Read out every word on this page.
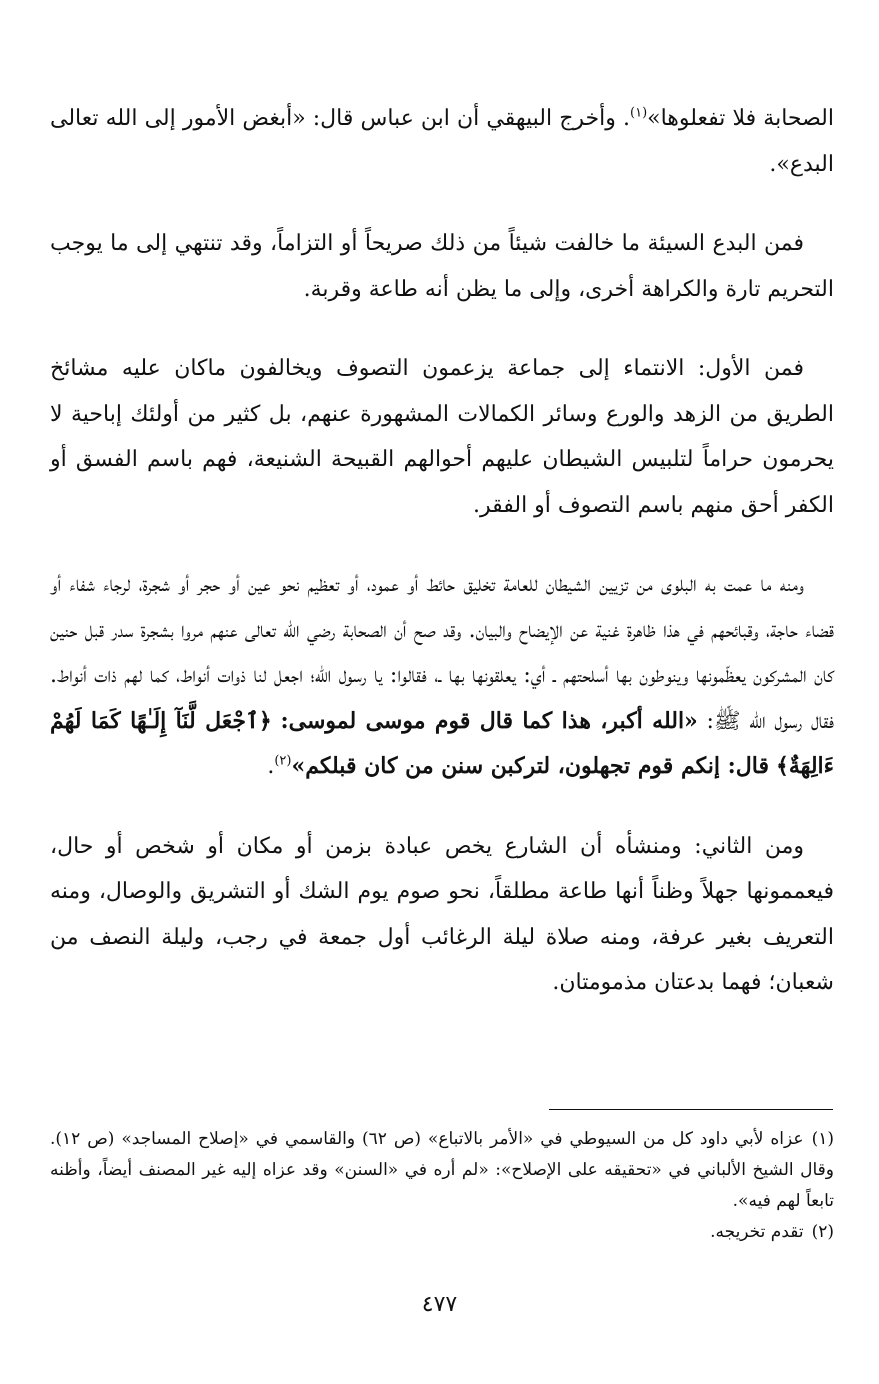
الصحابة فلا تفعلوها»$^{(١)}$. وأخرج البيهقي أن ابن عباس قال: «أبغض الأمور إلى الله تعالى البدع».

فمن البدع السيئة ما خالفت شيئاً من ذلك صريحاً أو التزاماً، وقد تنتهي إلى ما يوجب التحريم تارة والكراهة أخرى، وإلى ما يظن أنه طاعة وقربة.

فمن الأول: الانتماء إلى جماعة يزعمون التصوف ويخالفون ماكان عليه مشائخ الطريق من الزهد والورع وسائر الكمالات المشهورة عنهم، بل كثير من أولئك إباحية لا يحرمون حراماً لتلبيس الشيطان عليهم أحوالهم القبيحة الشنيعة، فهم باسم الفسق أو الكفر أحق منهم باسم التصوف أو الفقر.

ومنه ما عمت به البلوى من تزيين الشيطان للعامة تخليق حائط أو عمود، أو تعظيم نحو عين أو حجر أو شجرة، لرجاء شفاء أو قضاء حاجة، وقبائحهم في هذا ظاهرة غنية عن الإيضاح والبيان. وقد صح أن الصحابة رضي الله تعالى عنهم مروا بشجرة سدر قبل حنين كان المشركون يعظّمونها وينوطون بها أسلحتهم ـ أي: يعلقونها بها ـ، فقالوا: يا رسول الله؛ اجعل لنا ذوات أنواط، كما لهم ذات أنواط. فقال رسول الله ﷺ: «الله أكبر، هذا كما قال قوم موسى لموسى: ﴿ٱجْعَل لَّنَآ إِلَـٰهًا كَمَا لَهُمْ ءَالِهَةٌ﴾ قال: إنكم قوم تجهلون، لتركبن سنن من كان قبلكم»$^{(٢)}$.

ومن الثاني: ومنشأه أن الشارع يخص عبادة بزمن أو مكان أو شخص أو حال، فيعممونها جهلاً وظناً أنها طاعة مطلقاً، نحو صوم يوم الشك أو التشريق والوصال، ومنه التعريف بغير عرفة، ومنه صلاة ليلة الرغائب أول جمعة في رجب، وليلة النصف من شعبان؛ فهما بدعتان مذمومتان.

(١)عزاه لأبي داود كل من السيوطي في «الأمر بالاتباع» (ص ٦٢) والقاسمي في «إصلاح المساجد» (ص ١٢). وقال الشيخ الألباني في «تحقيقه على الإصلاح»: «لم أره في «السنن» وقد عزاه إليه غير المصنف أيضاً، وأظنه تابعاً لهم فيه».

(٢)تقدم تخريجه.

٤٧٧
